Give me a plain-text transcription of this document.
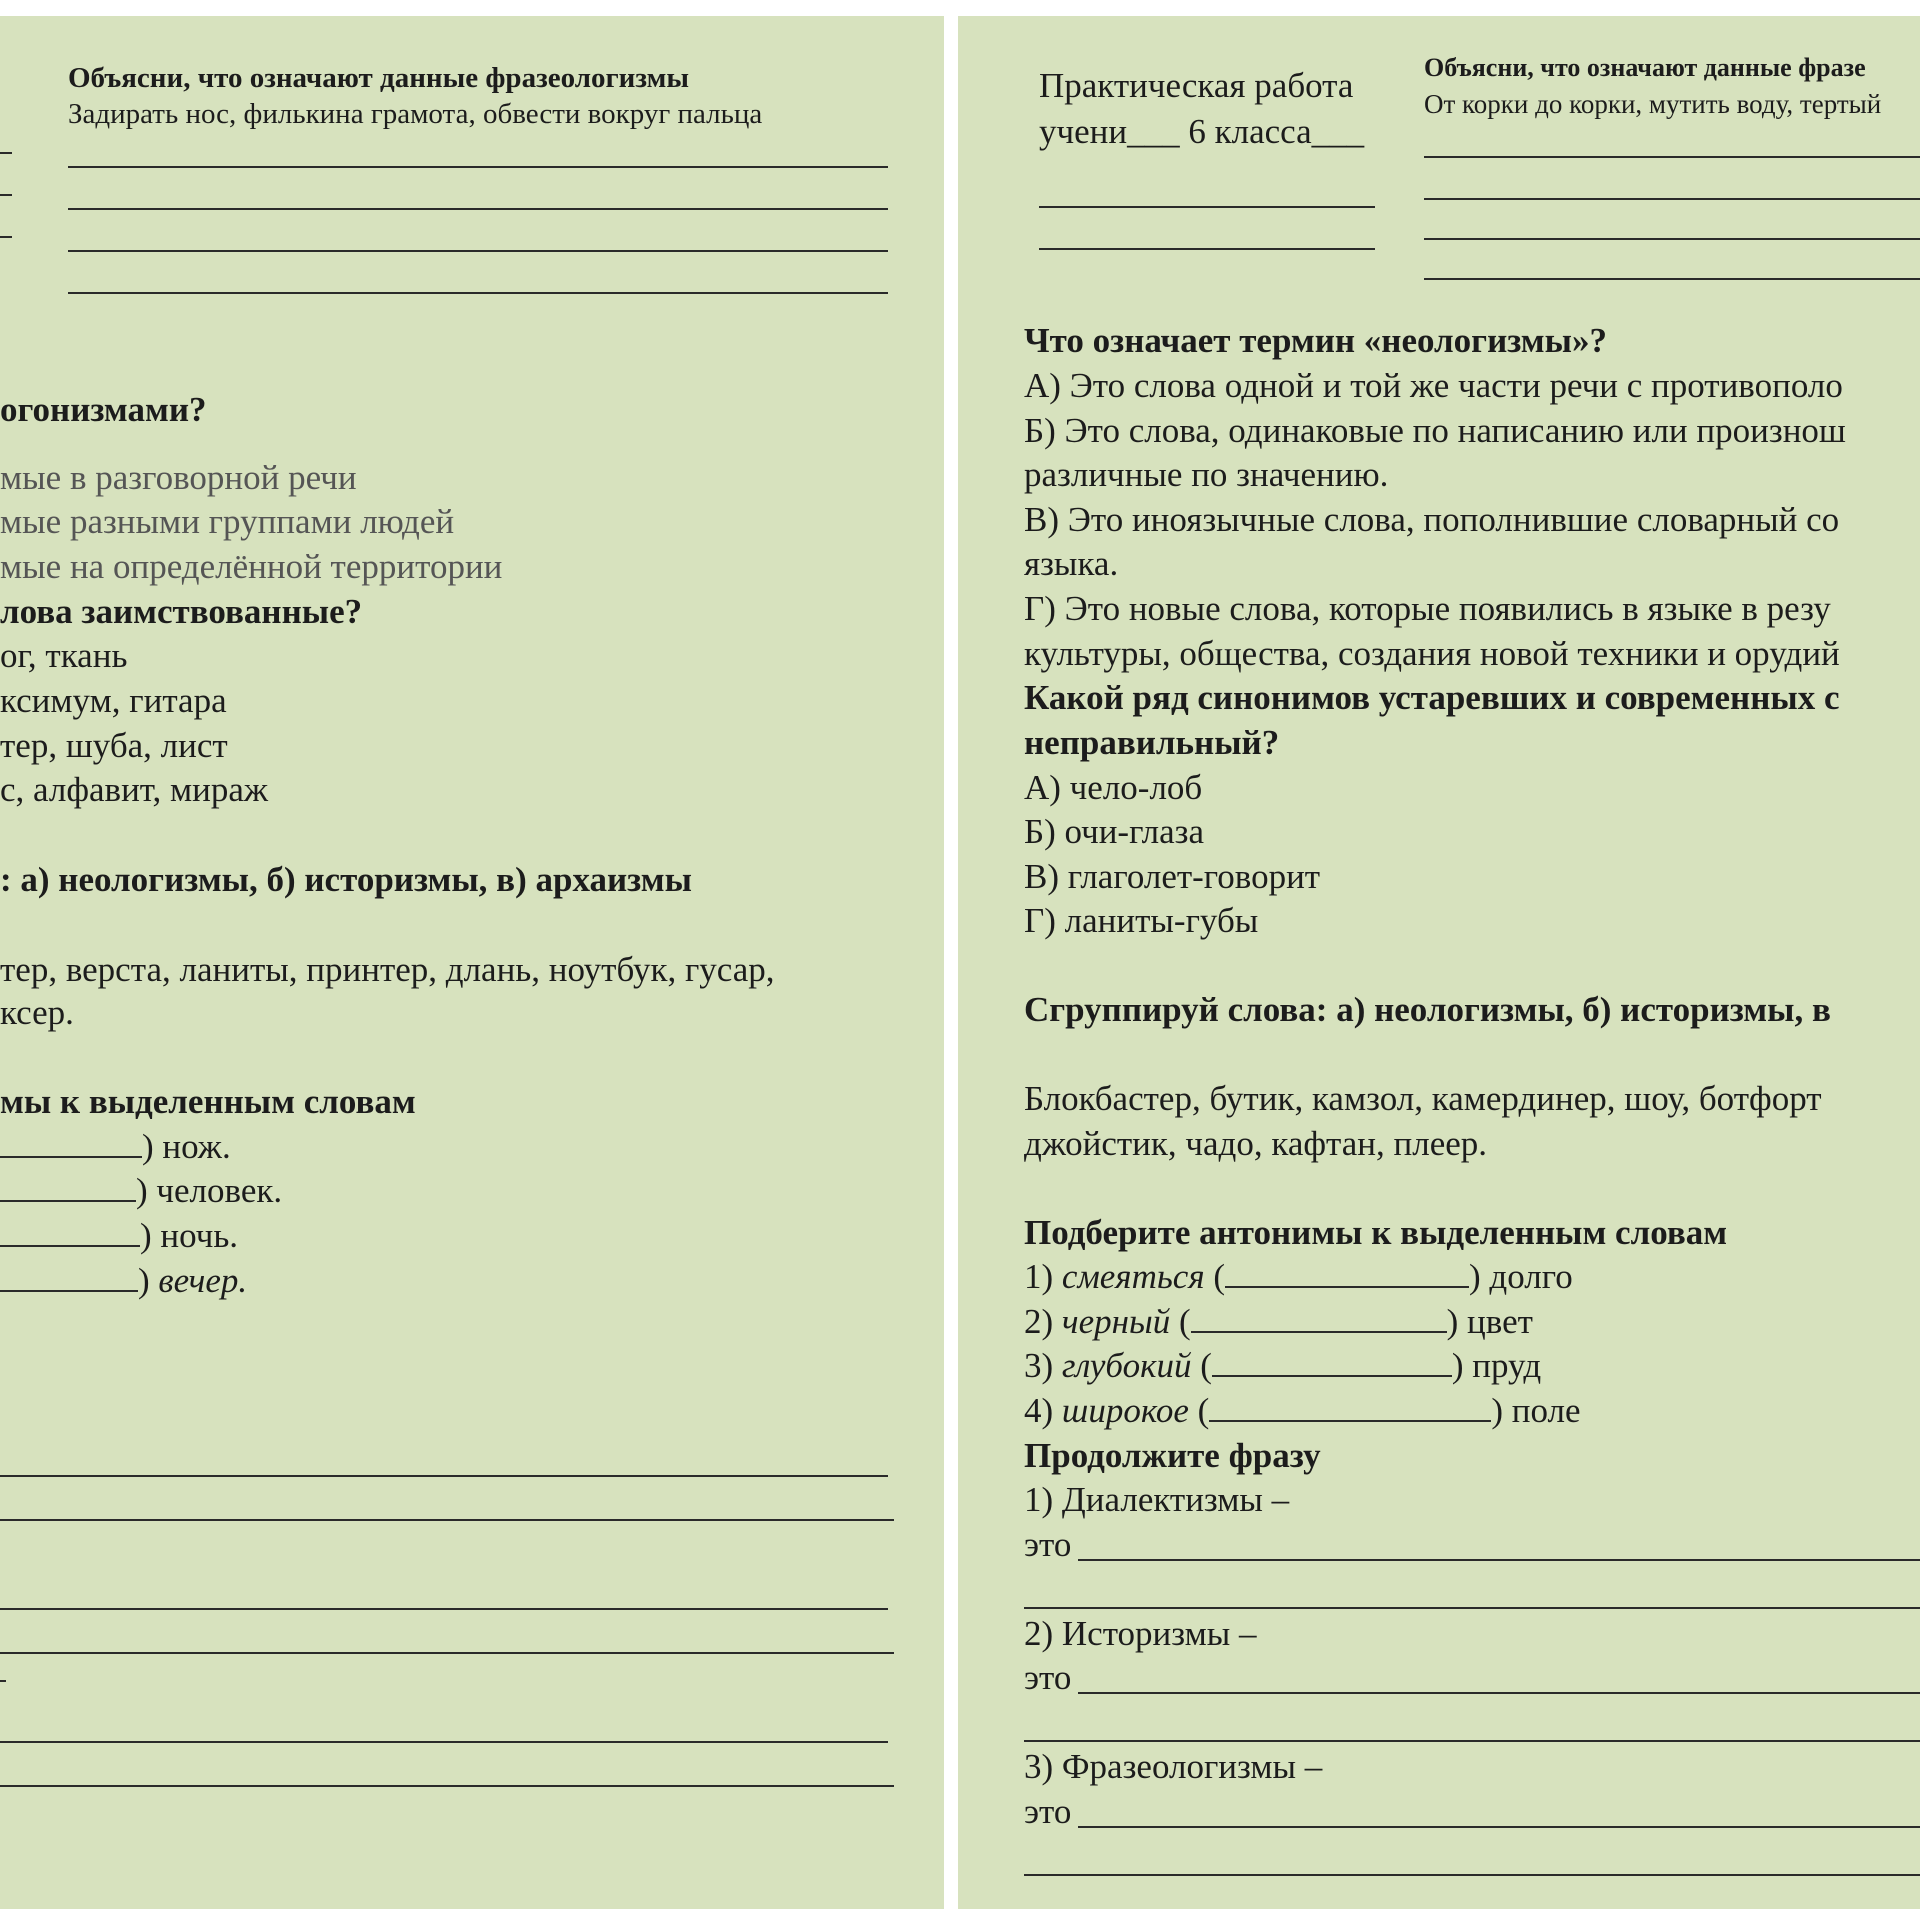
Объясни, что означают данные фразеологизмы
Задирать нос, филькина грамота, обвести вокруг пальца
огонизмами?
мые в разговорной речи
мые разными группами людей
мые на определённой территории
лова заимствованные?
ог, ткань
ксимум, гитара
тер, шуба, лист
с, алфавит, мираж
: а) неологизмы, б) историзмы, в) архаизмы
тер, верста, ланиты, принтер, длань, ноутбук, гусар,
ксер.
мы к выделенным словам
) нож.
) человек.
) ночь.
) вечер.
Практическая работа
учени___ 6 класса___
Объясни, что означают данные фразе
От корки до корки, мутить воду, тертый
Что означает термин «неологизмы»?
А) Это слова одной и той же части речи с противополо
Б) Это слова, одинаковые по написанию или произнош
различные по значению.
В) Это иноязычные слова, пополнившие словарный со
языка.
Г) Это новые слова, которые появились в языке в резу
культуры, общества, создания новой техники и орудий
Какой ряд синонимов устаревших и современных с
неправильный?
А) чело-лоб
Б) очи-глаза
В) глаголет-говорит
Г) ланиты-губы
Сгруппируй слова: а) неологизмы, б) историзмы, в
Блокбастер, бутик, камзол, камердинер, шоу, ботфорт
джойстик, чадо, кафтан, плеер.
Подберите антонимы к выделенным словам
1) смеяться (	) долго
2) черный (	) цвет
3) глубокий (	) пруд
4) широкое (	) поле
Продолжите фразу
1) Диалектизмы –
это
2) Историзмы –
это
3) Фразеологизмы –
это
